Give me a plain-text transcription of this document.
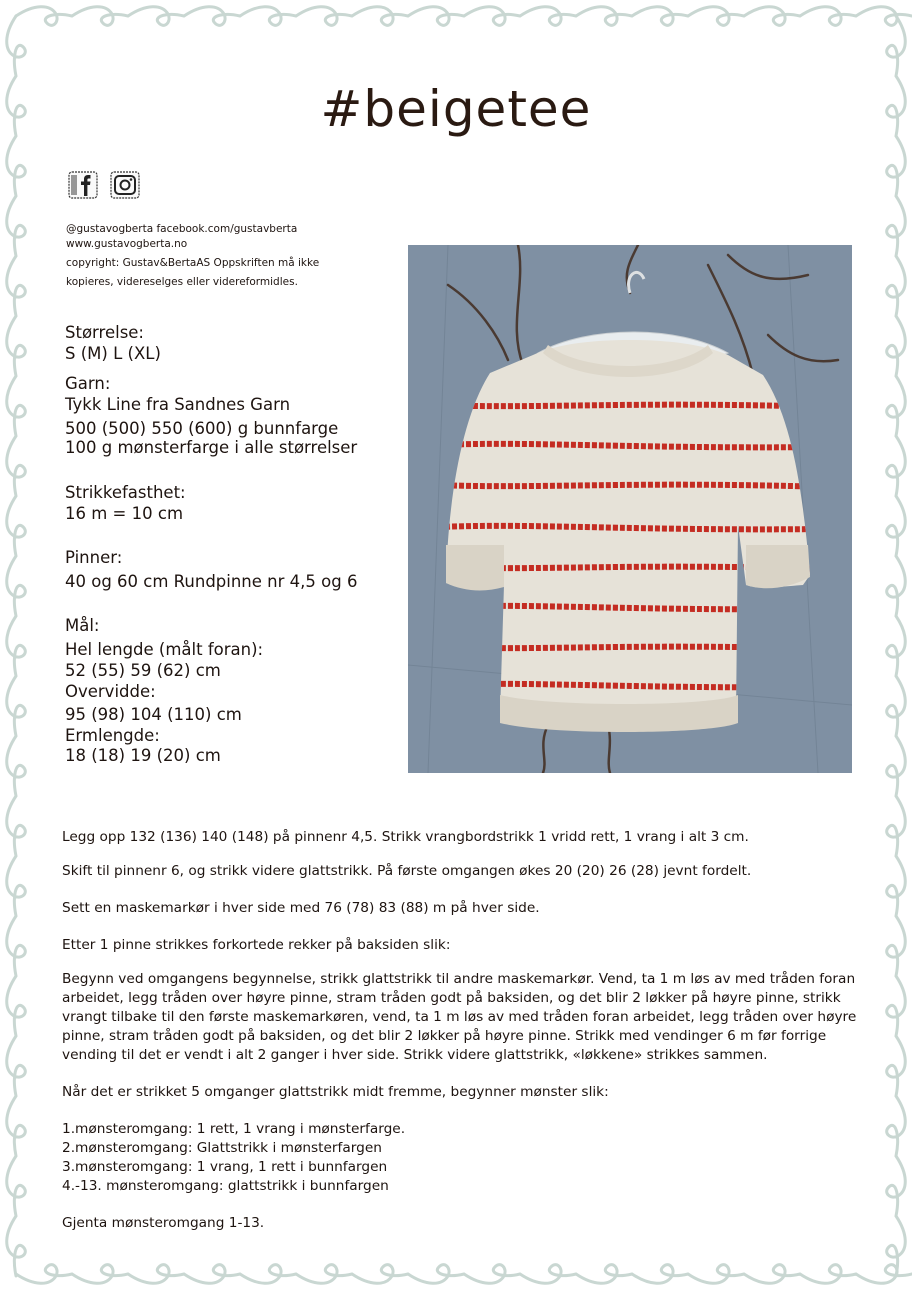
#beigetee
@gustavogberta facebook.com/gustavberta
www.gustavogberta.no
copyright: Gustav&BertaAS Oppskriften må ikke
kopieres, videreselges eller videreformidles.
Størrelse:
S (M) L (XL)
Garn:
Tykk Line fra Sandnes Garn
500 (500) 550 (600) g bunnfarge
100 g mønsterfarge i alle størrelser
Strikkefasthet:
16 m = 10 cm
Pinner:
40 og 60 cm Rundpinne nr 4,5 og 6
Mål:
Hel lengde (målt foran):
52 (55) 59 (62) cm
Overvidde:
95 (98) 104 (110) cm
Ermlengde:
18 (18) 19 (20) cm

Legg opp 132 (136) 140 (148) på pinnenr 4,5. Strikk vrangbordstrikk 1 vridd rett, 1 vrang i alt 3 cm.

Skift til pinnenr 6, og strikk videre glattstrikk. På første omgangen økes 20 (20) 26 (28) jevnt fordelt.

Sett en maskemarkør i hver side med 76 (78) 83 (88) m på hver side.

Etter 1 pinne strikkes forkortede rekker på baksiden slik:

Begynn ved omgangens begynnelse, strikk glattstrikk til andre maskemarkør. Vend, ta 1 m løs av med tråden foran arbeidet, legg tråden over høyre pinne, stram tråden godt på baksiden, og det blir 2 løkker på høyre pinne, strikk vrangt tilbake til den første maskemarkøren, vend, ta 1 m løs av med tråden foran arbeidet, legg tråden over høyre pinne, stram tråden godt på baksiden, og det blir 2 løkker på høyre pinne. Strikk med vendinger 6 m før forrige vending til det er vendt i alt 2 ganger i hver side. Strikk videre glattstrikk, «løkkene» strikkes sammen.

Når det er strikket 5 omganger glattstrikk midt fremme, begynner mønster slik:

1.mønsteromgang: 1 rett, 1 vrang i mønsterfarge.

2.mønsteromgang: Glattstrikk i mønsterfargen

3.mønsteromgang: 1 vrang, 1 rett i bunnfargen

4.-13. mønsteromgang: glattstrikk i bunnfargen

Gjenta mønsteromgang 1-13.
